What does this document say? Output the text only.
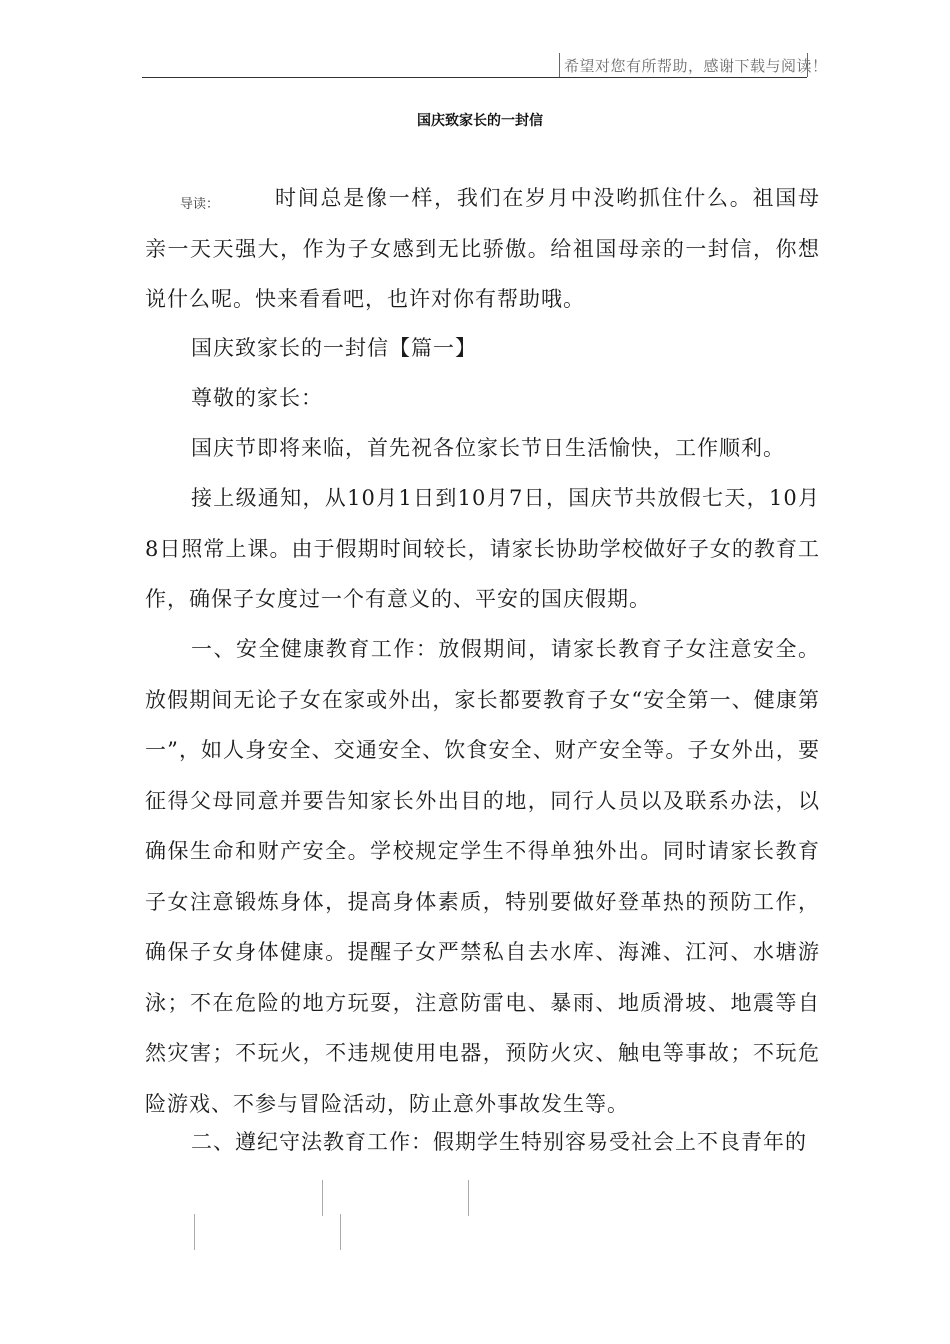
希望对您有所帮助，感谢下载与阅读！
国庆致家长的一封信
导读：	时间总是像一样，我们在岁月中没哟抓住什么。祖国母亲一天天强大，作为子女感到无比骄傲。给祖国母亲的一封信，你想说什么呢。快来看看吧，也许对你有帮助哦。

国庆致家长的一封信【篇一】

尊敬的家长：

国庆节即将来临，首先祝各位家长节日生活愉快，工作顺利。

接上级通知，从10月1日到10月7日，国庆节共放假七天，10月8日照常上课。由于假期时间较长，请家长协助学校做好子女的教育工作，确保子女度过一个有意义的、平安的国庆假期。

一、安全健康教育工作：放假期间，请家长教育子女注意安全。放假期间无论子女在家或外出，家长都要教育子女“安全第一、健康第一”，如人身安全、交通安全、饮食安全、财产安全等。子女外出，要征得父母同意并要告知家长外出目的地，同行人员以及联系办法，以确保生命和财产安全。学校规定学生不得单独外出。同时请家长教育子女注意锻炼身体，提高身体素质，特别要做好登革热的预防工作，确保子女身体健康。提醒子女严禁私自去水库、海滩、江河、水塘游泳；不在危险的地方玩耍，注意防雷电、暴雨、地质滑坡、地震等自然灾害；不玩火，不违规使用电器，预防火灾、触电等事故；不玩危险游戏、不参与冒险活动，防止意外事故发生等。

二、遵纪守法教育工作：假期学生特别容易受社会上不良青年的
